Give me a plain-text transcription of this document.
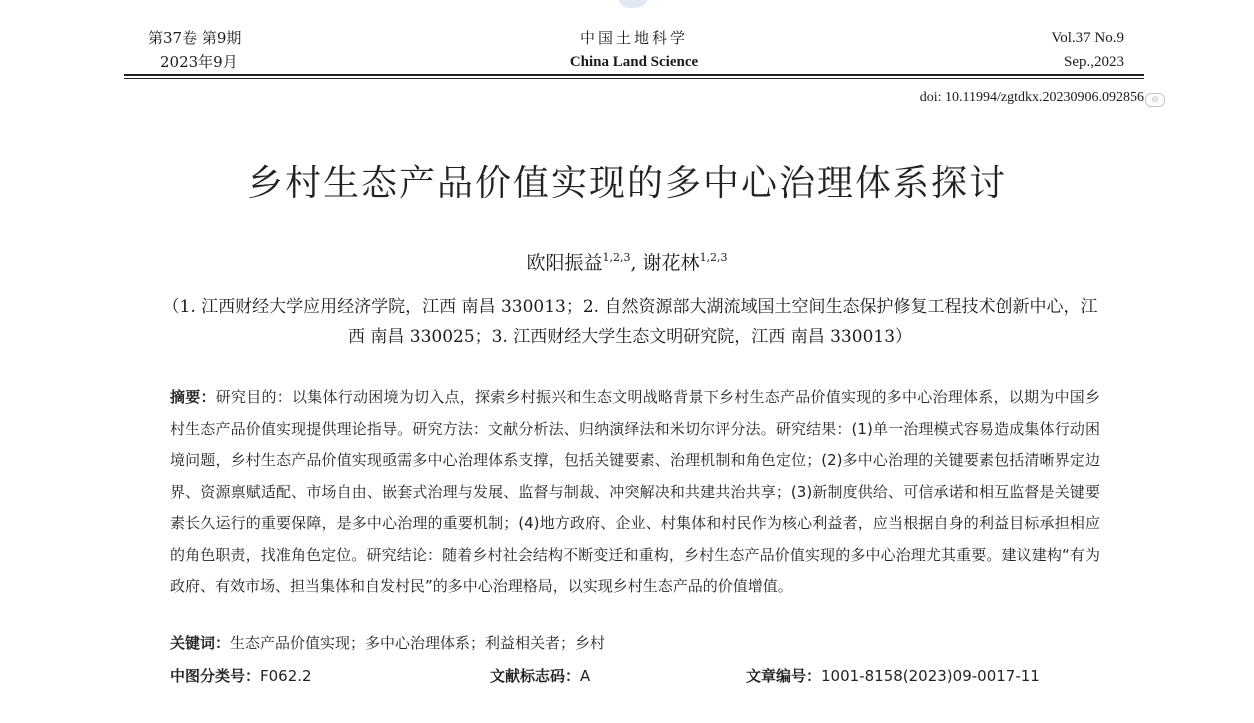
第37卷 第9期
2023年9月
中国土地科学
China Land Science
Vol.37 No.9
Sep.,2023
doi: 10.11994/zgtdkx.20230906.092856 ⊖
乡村生态产品价值实现的多中心治理体系探讨
欧阳振益$^{1,2,3}$, 谢花林$^{1,2,3}$
（1. 江西财经大学应用经济学院，江西 南昌 330013；2. 自然资源部大湖流域国土空间生态保护修复工程技术创新中心，江西 南昌 330025；3. 江西财经大学生态文明研究院，江西 南昌 330013）
摘要：研究目的：以集体行动困境为切入点，探索乡村振兴和生态文明战略背景下乡村生态产品价值实现的多中心治理体系，以期为中国乡村生态产品价值实现提供理论指导。研究方法：文献分析法、归纳演绎法和米切尔评分法。研究结果：(1)单一治理模式容易造成集体行动困境问题，乡村生态产品价值实现亟需多中心治理体系支撑，包括关键要素、治理机制和角色定位；(2)多中心治理的关键要素包括清晰界定边界、资源禀赋适配、市场自由、嵌套式治理与发展、监督与制裁、冲突解决和共建共治共享；(3)新制度供给、可信承诺和相互监督是关键要素长久运行的重要保障，是多中心治理的重要机制；(4)地方政府、企业、村集体和村民作为核心利益者，应当根据自身的利益目标承担相应的角色职责，找准角色定位。研究结论：随着乡村社会结构不断变迁和重构，乡村生态产品价值实现的多中心治理尤其重要。建议建构“有为政府、有效市场、担当集体和自发村民”的多中心治理格局，以实现乡村生态产品的价值增值。
关键词：生态产品价值实现；多中心治理体系；利益相关者；乡村
中图分类号：F062.2	文献标志码：A	文章编号：1001-8158(2023)09-0017-11
